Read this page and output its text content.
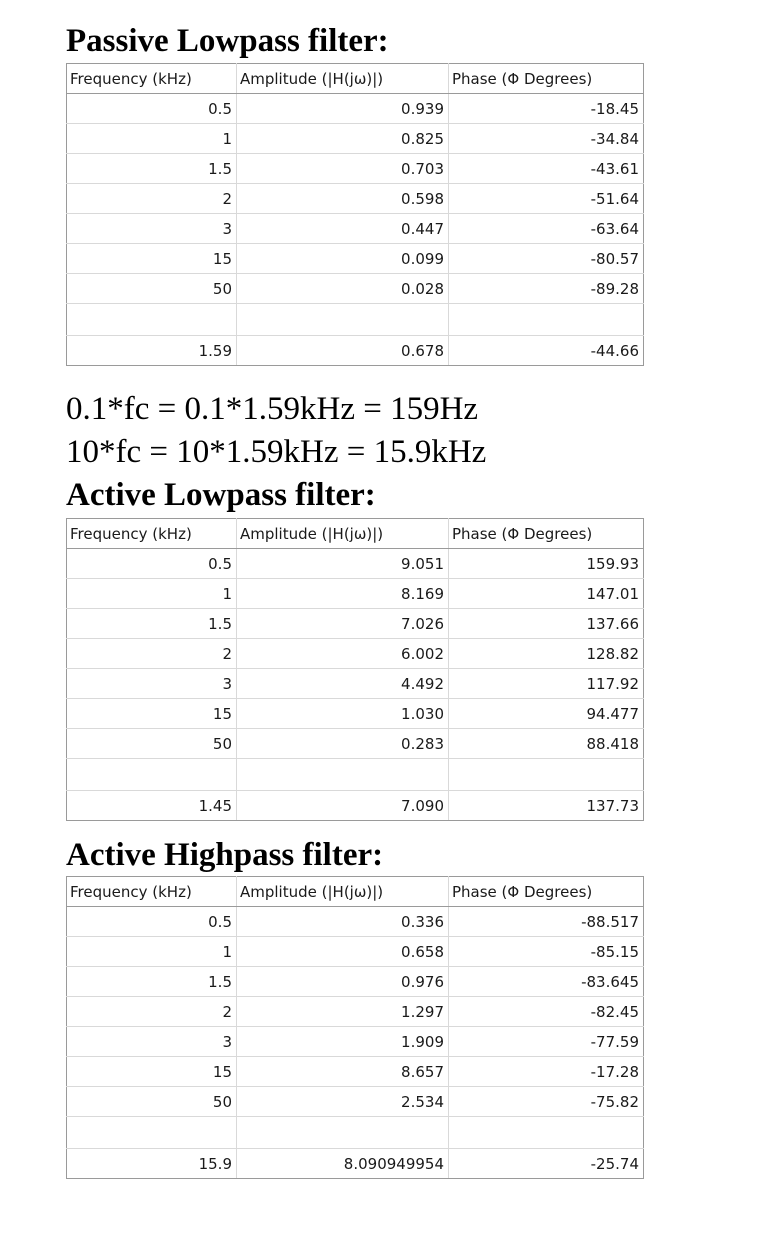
Passive Lowpass filter:
Frequency (kHz)	Amplitude (|H(jω)|)	Phase (Φ Degrees)
0.5	0.939	-18.45
1	0.825	-34.84
1.5	0.703	-43.61
2	0.598	-51.64
3	0.447	-63.64
15	0.099	-80.57
50	0.028	-89.28

1.59	0.678	-44.66

0.1*fc = 0.1*1.59kHz = 159Hz

10*fc = 10*1.59kHz = 15.9kHz

Active Lowpass filter:
Frequency (kHz)	Amplitude (|H(jω)|)	Phase (Φ Degrees)
0.5	9.051	159.93
1	8.169	147.01
1.5	7.026	137.66
2	6.002	128.82
3	4.492	117.92
15	1.030	94.477
50	0.283	88.418

1.45	7.090	137.73
Active Highpass filter:
Frequency (kHz)	Amplitude (|H(jω)|)	Phase (Φ Degrees)
0.5	0.336	-88.517
1	0.658	-85.15
1.5	0.976	-83.645
2	1.297	-82.45
3	1.909	-77.59
15	8.657	-17.28
50	2.534	-75.82

15.9	8.090949954	-25.74
